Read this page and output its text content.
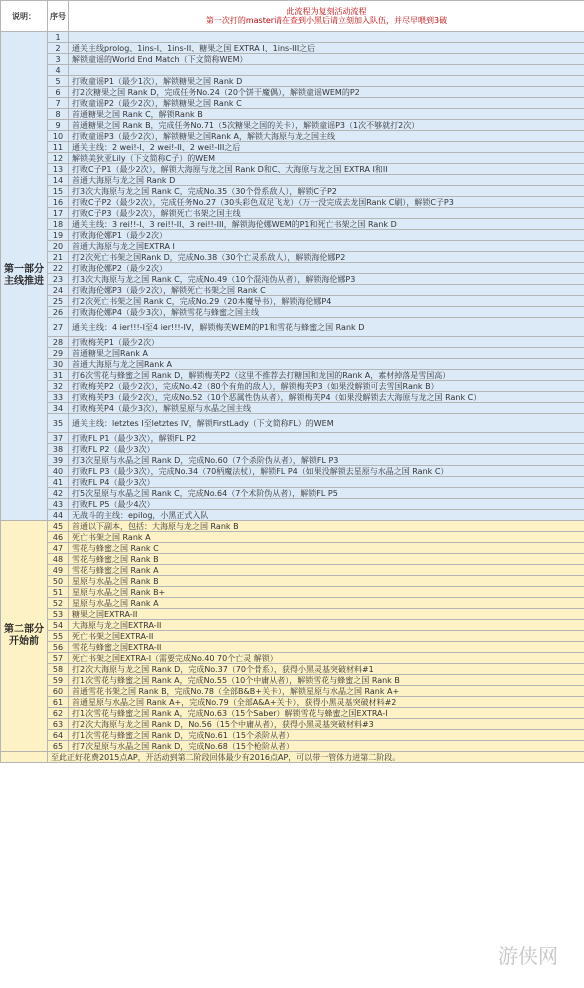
说明：	序号	此流程为复刻活动流程
第一次打的master请在查到小黑后请立刻加入队伍，并尽早喂到3破

第一部分
主线推进	1	
	2	通关主线prolog、1ins-I、1ins-II、糖果之国 EXTRA I、1ins-III之后
	3	解锁童谣的World End Match（下文简称WEM）
	4	
	5	打败童谣P1（最少1次），解锁糖果之国 Rank D
	6	打2次糖果之国 Rank D，完成任务No.24（20个饼干魔偶），解锁童谣WEM的P2
	7	打败童谣P2（最少2次），解锁糖果之国 Rank C
	8	首通糖果之国 Rank C，解锁Rank B
	9	首通糖果之国 Rank B，完成任务No.71（5次糖果之国的关卡），解锁童谣P3（1次不够就打2次）
	10	打败童谣P3（最少2次），解锁糖果之国Rank A，解锁大海原与龙之国主线
	11	通关主线：2 wei!-I、2 wei!-II、2 wei!-III之后
	12	解锁美狄亚Lily（下文简称C子）的WEM
	13	打败C子P1（最少2次），解锁大海原与龙之国 Rank D和C、大海原与龙之国 EXTRA I和II
	14	首通大海原与龙之国 Rank D
	15	打3次大海原与龙之国 Rank C，完成No.35（30个骨系敌人），解锁C子P2
	16	打败C子P2（最少2次），完成任务No.27（30头彩色双足飞龙）（万一没完成去龙国Rank C刷），解锁C子P3
	17	打败C子P3（最少2次），解锁死亡书架之国主线
	18	通关主线：3 rei!!-I、3 rei!!-II、3 rei!!-III，解锁海伦娜WEM的P1和死亡书架之国 Rank D
	19	打败海伦娜P1（最少2次）
	20	首通大海原与龙之国EXTRA I
	21	打2次死亡书架之国Rank D，完成No.38（30个亡灵系敌人），解锁海伦娜P2
	22	打败海伦娜P2（最少2次）
	23	打3次大海原与龙之国 Rank C，完成No.49（10个混沌伪从者），解锁海伦娜P3
	24	打败海伦娜P3（最少2次），解锁死亡书架之国 Rank C
	25	打2次死亡书架之国 Rank C，完成No.29（20本魔导书），解锁海伦娜P4
	26	打败海伦娜P4（最少3次），解锁雪花与蜂蜜之国主线
	27	通关主线：4 ier!!!-I至4 ier!!!-IV，解锁梅芙WEM的P1和雪花与蜂蜜之国 Rank D
	28	打败梅芙P1（最少2次）
	29	首通糖果之国Rank A
	30	首通大海原与龙之国Rank A
	31	打6次雪花与蜂蜜之国 Rank D，解锁梅芙P2（这里不推荐去打糖国和龙国的Rank A，素材掉落是雪国高）
	32	打败梅芙P2（最少2次），完成No.42（80个有角的敌人），解锁梅芙P3（如果没解锁可去雪国Rank B）
	33	打败梅芙P3（最少2次），完成No.52（10个恶属性伪从者），解锁梅芙P4（如果没解锁去大海原与龙之国 Rank C）
	34	打败梅芙P4（最少3次），解锁星原与水晶之国主线
	35	通关主线：letztes I至letztes IV，解锁FirstLady（下文简称FL）的WEM
	37	打败FL P1（最少3次），解锁FL P2
	38	打败FL P2（最少3次）
	39	打3次星原与水晶之国 Rank D，完成No.60（7个杀阶伪从者），解锁FL P3
	40	打败FL P3（最少3次），完成No.34（70柄魔法杖），解锁FL P4（如果没解锁去星原与水晶之国 Rank C）
	41	打败FL P4（最少3次）
	42	打5次星原与水晶之国 Rank C，完成No.64（7个术阶伪从者），解锁FL P5
	43	打败FL P5（最少4次）
	44	无战斗的主线：epilog，小黑正式入队
第二部分
开始前	45	首通以下副本，包括：大海原与龙之国 Rank B
	46	死亡书架之国 Rank A
	47	雪花与蜂蜜之国 Rank C
	48	雪花与蜂蜜之国 Rank B
	49	雪花与蜂蜜之国 Rank A
	50	星原与水晶之国 Rank B
	51	星原与水晶之国 Rank B+
	52	星原与水晶之国 Rank A
	53	糖果之国EXTRA-II
	54	大海原与龙之国EXTRA-II
	55	死亡书架之国EXTRA-II
	56	雪花与蜂蜜之国EXTRA-II
	57	死亡书架之国EXTRA-I（需要完成No.40 70个亡灵 解锁）
	58	打2次大海原与龙之国 Rank D，完成No.37（70个骨系），获得小黑灵基突破材料#1
	59	打1次雪花与蜂蜜之国 Rank A，完成No.55（10个中庸从者），解锁雪花与蜂蜜之国 Rank B
	60	首通雪花书架之国 Rank B，完成No.78（全部B&B+关卡），解锁星原与水晶之国 Rank A+
	61	首通星原与水晶之国 Rank A+，完成No.79（全部A&A+关卡），获得小黑灵基突破材料#2
	62	打1次雪花与蜂蜜之国 Rank A，完成No.63（15个Saber）解锁雪花与蜂蜜之国EXTRA-I
	63	打2次大海原与龙之国 Rank D，No.56（15个中庸从者），获得小黑灵基突破材料#3
	64	打1次雪花与蜂蜜之国 Rank D，完成No.61（15个杀阶从者）
	65	打7次星原与水晶之国 Rank D，完成No.68（15个枪阶从者）
	至此正好花费2015点AP，开活动到第二阶段回体最少有2016点AP，可以带一管体力进第二阶段。	
游侠网
